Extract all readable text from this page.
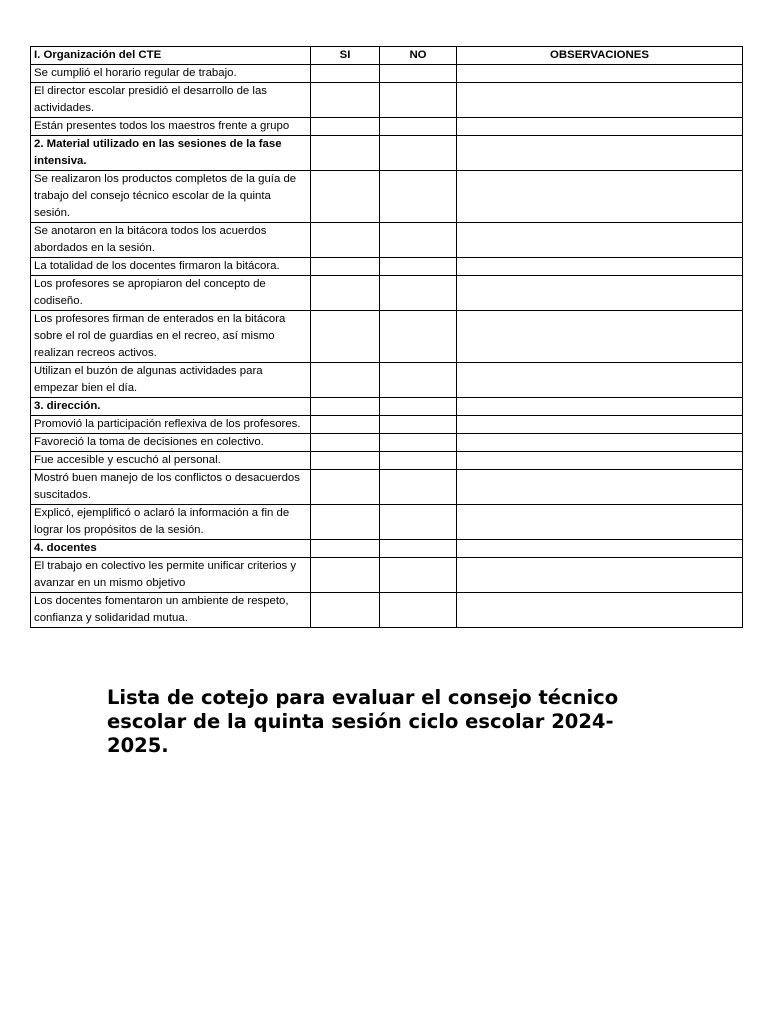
I. Organización del CTE	SI	NO	OBSERVACIONES
Se cumplió el horario regular de trabajo.			
El director escolar presidió el desarrollo de las actividades.			
Están presentes todos los maestros frente a grupo			
2. Material utilizado en las sesiones de la fase intensiva.			
Se realizaron los productos completos de la guía de trabajo del consejo técnico escolar de la quinta sesión.			
Se anotaron en la bitácora todos los acuerdos abordados en la sesión.			
La totalidad de los docentes firmaron la bitácora.			
Los profesores se apropiaron del concepto de codiseño.			
Los profesores firman de enterados en la bitácora sobre el rol de guardias en el recreo, así mismo realizan recreos activos.			
Utilizan el buzón de algunas actividades para empezar bien el día.			
3. dirección.			
Promovió la participación reflexiva de los profesores.			
Favoreció la toma de decisiones en colectivo.			
Fue accesible y escuchó al personal.			
Mostró buen manejo de los conflictos o desacuerdos suscitados.			
Explicó, ejemplificó o aclaró la información a fin de lograr los propósitos de la sesión.			
4. docentes			
El trabajo en colectivo les permite unificar criterios y avanzar en un mismo objetivo			
Los docentes fomentaron un ambiente de respeto, confianza y solidaridad mutua.			
Lista de cotejo para evaluar el consejo técnico escolar de la quinta sesión ciclo escolar 2024-2025.
